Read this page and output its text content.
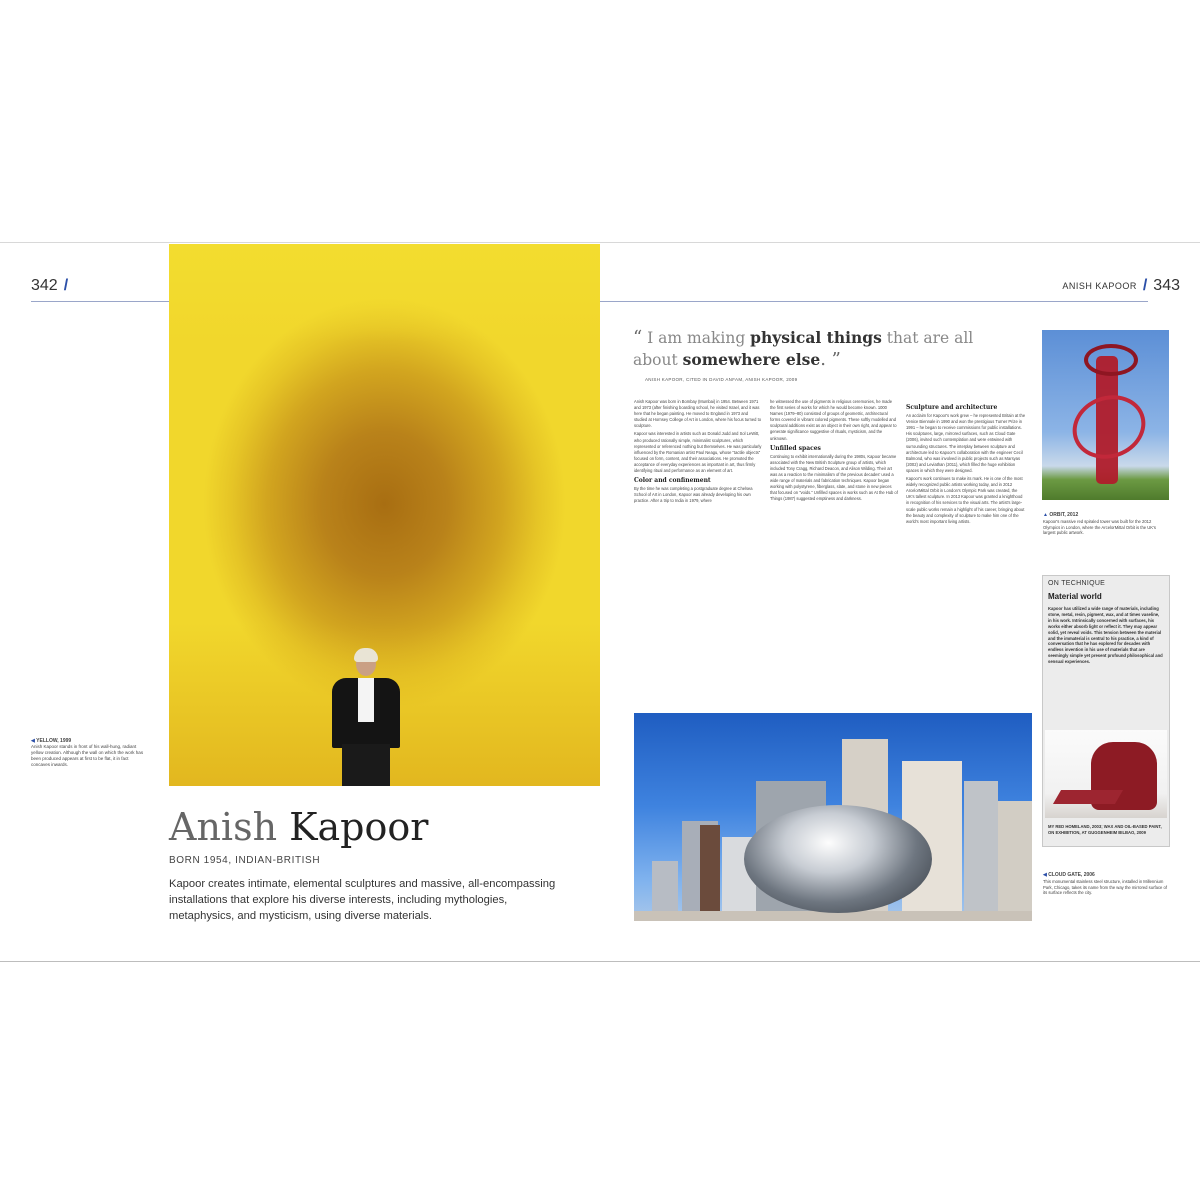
342 /
◀ YELLOW, 1999
Anish Kapoor stands in front of his wall-hung, radiant yellow creation. Although the wall on which the work has been produced appears at first to be flat, it in fact concaves inwards.
Anish Kapoor
BORN 1954, INDIAN-BRITISH
Kapoor creates intimate, elemental sculptures and massive, all-encompassing installations that explore his diverse interests, including mythologies, metaphysics, and mysticism, using diverse materials.
ANISH KAPOOR / 343
“ I am making physical things that are all about somewhere else. ”
ANISH KAPOOR, CITED IN DAVID ANFAM, ANISH KAPOOR, 2009

Anish Kapoor was born in Bombay (Mumbai) in 1954. Between 1971 and 1973 (after finishing boarding school, he visited Israel, and it was here that he began painting. He moved to England in 1973 and studied at Hornsey College of Art in London, where his focus turned to sculpture.

Kapoor was interested in artists such as Donald Judd and Sol LeWitt, who produced rationally simple, minimalist sculptures, which represented or referenced nothing but themselves. He was particularly influenced by the Romanian artist Paul Neagu, whose "tactile objects" focused on form, content, and their associations. He promoted the acceptance of everyday experiences as important in art, thus firmly identifying ritual and performance as an element of art.

Color and confinement

By the time he was completing a postgraduate degree at Chelsea School of Art in London, Kapoor was already developing his own practice. After a trip to India in 1979, where

he witnessed the use of pigments in religious ceremonies, he made the first series of works for which he would become known. 1000 Names (1979–80) consisted of groups of geometric, architectural forms covered in vibrant colored pigments. These softly modelled and sculptural additions exist as an object in their own right, and appear to generate significance suggestive of rituals, mysticism, and the unknown.

Unfilled spaces

Continuing to exhibit internationally during the 1980s, Kapoor became associated with the New British Sculpture group of artists, which included Tony Cragg, Richard Deacon, and Alison Wilding. Their art was as a reaction to the minimalism of the previous decades' used a wide range of materials and fabrication techniques. Kapoor began working with polystyrene, fiberglass, slate, and stone in new pieces that focused on "voids." Unfilled spaces in works such as At the Hub of Things (1987) suggested emptiness and darkness.

Sculpture and architecture

An acclaim for Kapoor's work grew – he represented Britain at the Venice Biennale in 1990 and won the prestigious Turner Prize in 1991 – he began to receive commissions for public installations. His sculptures, large, mirrored surfaces, such as Cloud Gate (2006), invited such contemplation and were entwined with surrounding structures. The interplay between sculpture and architecture led to Kapoor's collaboration with the engineer Cecil Balmond, who was involved in public projects such as Marsyas (2002) and Leviathan (2011), which filled the huge exhibition spaces in which they were designed.

Kapoor's work continues to make its mark. He is one of the most widely recognized public artists working today, and in 2012 ArcelorMittal Orbit in London's Olympic Park was created, the UK's tallest sculpture. In 2013 Kapoor was granted a knighthood in recognition of his services to the visual arts. The artist's large-scale public works remain a highlight of his career, bringing about the beauty and complexity of sculpture to make him one of the world's most important living artists.

▲ ORBIT, 2012
Kapoor's massive red spiraled tower was built for the 2012 Olympics in London, where the ArcelorMittal Orbit is the UK's largest public artwork.
ON TECHNIQUE
Material world
Kapoor has utilized a wide range of materials, including stone, metal, resin, pigment, wax, and at times vaseline, in his work. Intrinsically concerned with surfaces, his works either absorb light or reflect it. They may appear solid, yet reveal voids. This tension between the material and the immaterial is central to his practice, a kind of conversation that he has explored for decades with endless invention in his use of materials that are seemingly simple yet present profound philosophical and sensual experiences.
MY RED HOMELAND, 2003; WAX AND OIL-BASED PAINT, ON EXHIBITION, AT GUGGENHEIM BILBAO, 2009
◀ CLOUD GATE, 2006
This monumental stainless steel structure, installed in Millennium Park, Chicago, takes its name from the way the mirrored surface of its surface reflects the city.
